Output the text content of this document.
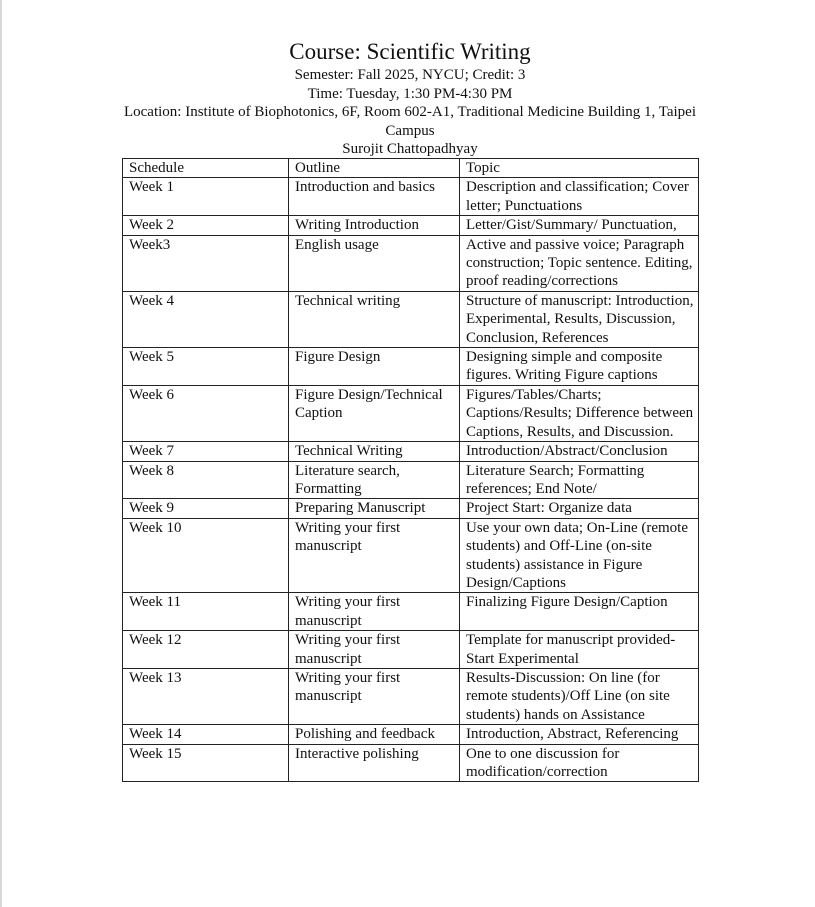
Course: Scientific Writing
Semester: Fall 2025, NYCU; Credit: 3
Time: Tuesday, 1:30 PM-4:30 PM
Location: Institute of Biophotonics, 6F, Room 602-A1, Traditional Medicine Building 1, Taipei Campus
Surojit Chattopadhyay
Schedule	Outline	Topic
Week 1	Introduction and basics	Description and classification; Cover letter; Punctuations
Week 2	Writing Introduction	Letter/Gist/Summary/ Punctuation,
Week3	English usage	Active and passive voice; Paragraph construction; Topic sentence. Editing, proof reading/corrections
Week 4	Technical writing	Structure of manuscript: Introduction, Experimental, Results, Discussion, Conclusion, References
Week 5	Figure Design	Designing simple and composite figures. Writing Figure captions
Week 6	Figure Design/Technical Caption	Figures/Tables/Charts; Captions/Results; Difference between Captions, Results, and Discussion.
Week 7	Technical Writing	Introduction/Abstract/Conclusion
Week 8	Literature search, Formatting	Literature Search; Formatting references; End Note/
Week 9	Preparing Manuscript	Project Start: Organize data
Week 10	Writing your first manuscript	Use your own data; On-Line (remote students) and Off-Line (on-site students) assistance in Figure Design/Captions
Week 11	Writing your first manuscript	Finalizing Figure Design/Caption
Week 12	Writing your first manuscript	Template for manuscript provided-Start Experimental
Week 13	Writing your first manuscript	Results-Discussion: On line (for remote students)/Off Line (on site students) hands on Assistance
Week 14	Polishing and feedback	Introduction, Abstract, Referencing
Week 15	Interactive polishing	One to one discussion for modification/correction
